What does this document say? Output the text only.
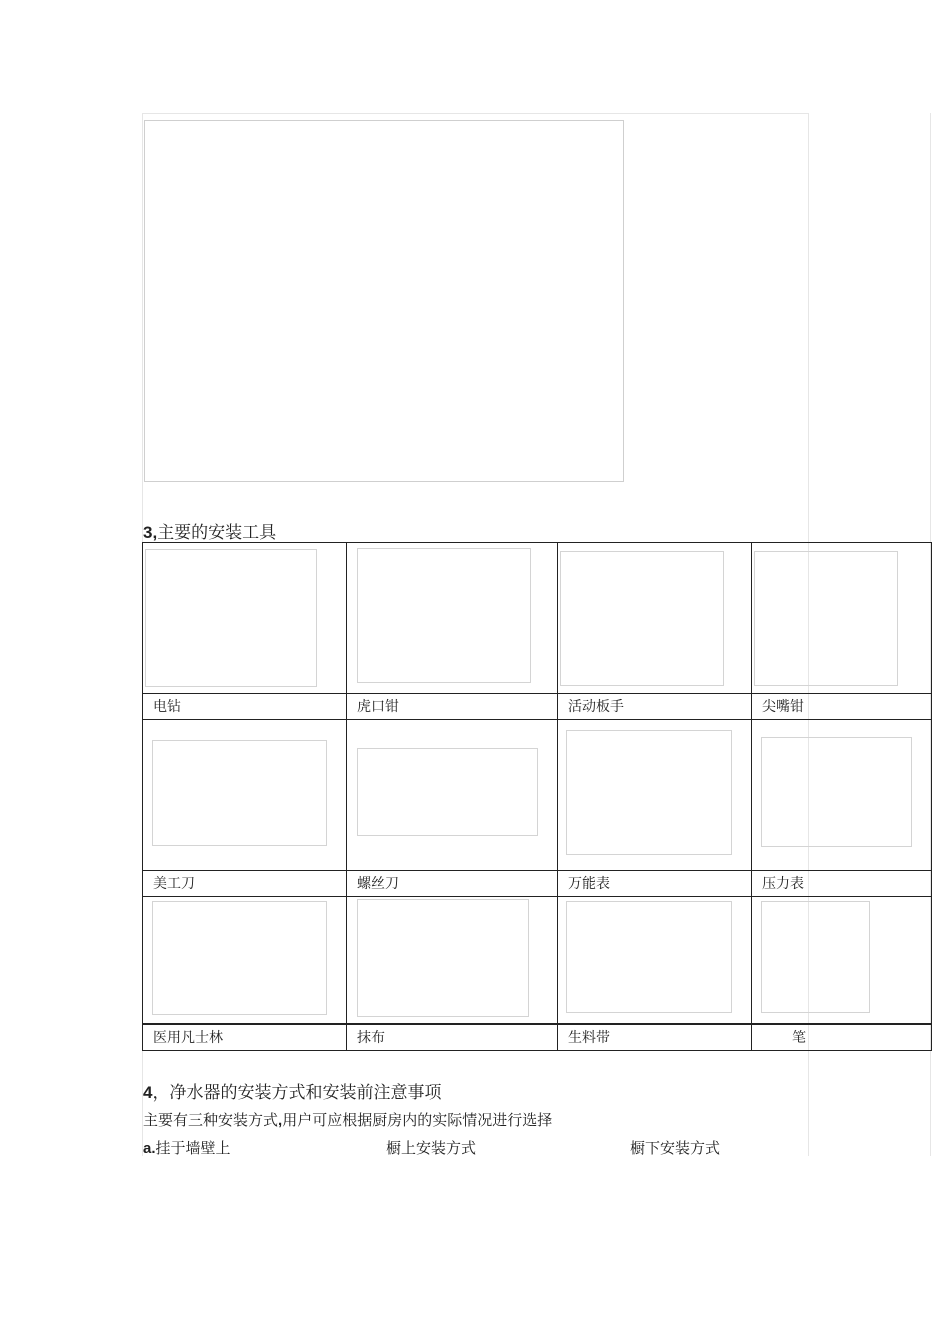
3,主要的安装工具

电钻	虎口钳	活动板手	尖嘴钳

美工刀	螺丝刀	万能表	压力表

医用凡士林	抹布	生料带	笔
4，净水器的安装方式和安装前注意事项
主要有三种安装方式,用户可应根据厨房内的实际情况进行选择
a.挂于墙壁上	橱上安装方式	橱下安装方式
